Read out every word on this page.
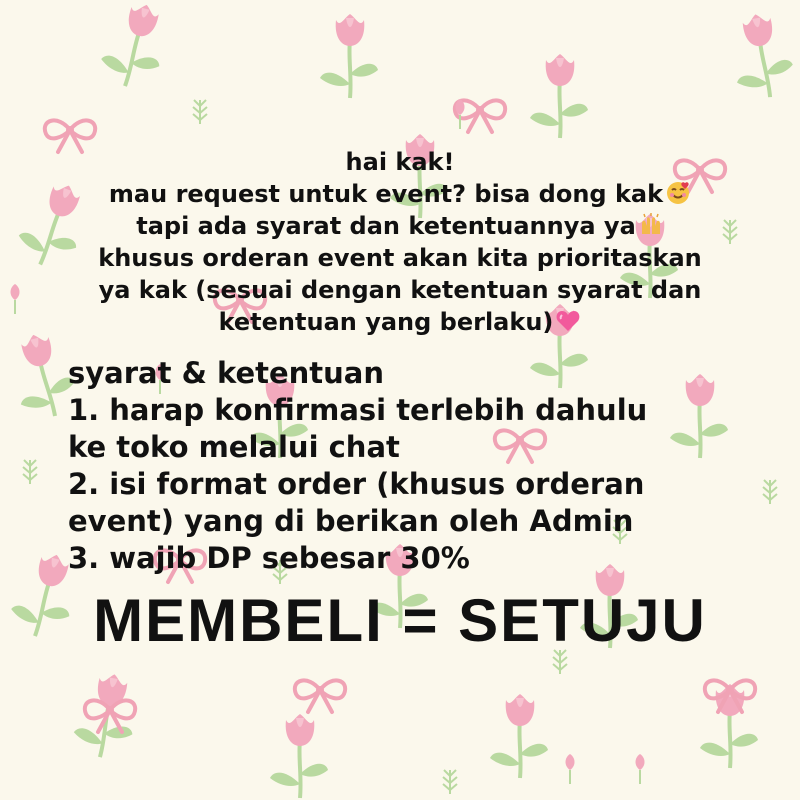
hai kak!
mau request untuk event? bisa dong kak
tapi ada syarat dan ketentuannya ya
khusus orderan event akan kita prioritaskan
ya kak (sesuai dengan ketentuan syarat dan
ketentuan yang berlaku)
syarat & ketentuan
1. harap konfirmasi terlebih dahulu
ke toko melalui chat
2. isi format order (khusus orderan
event) yang di berikan oleh Admin
3. wajib DP sebesar 30%
MEMBELI = SETUJU
